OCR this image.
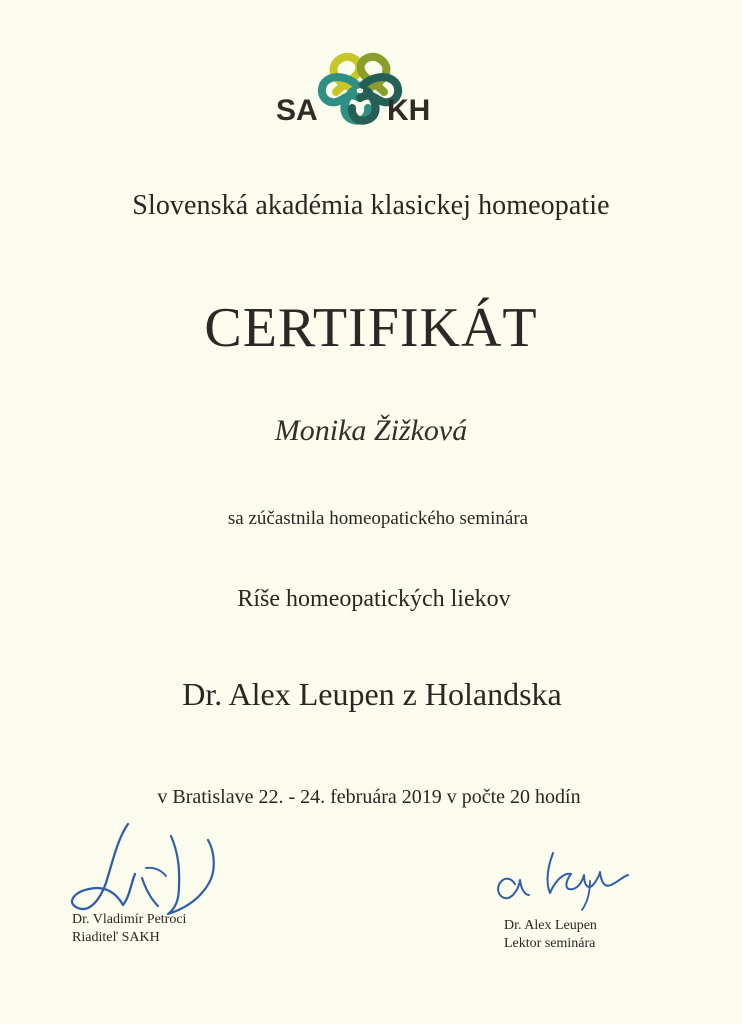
SA KH
Slovenská akadémia klasickej homeopatie
CERTIFIKÁT
Monika Žižková
sa zúčastnila homeopatického seminára
Ríše homeopatických liekov
Dr. Alex Leupen z Holandska
v Bratislave 22. - 24. februára 2019 v počte 20 hodín
Dr. Vladimír Petroci
Riaditeľ SAKH
Dr. Alex Leupen
Lektor seminára
